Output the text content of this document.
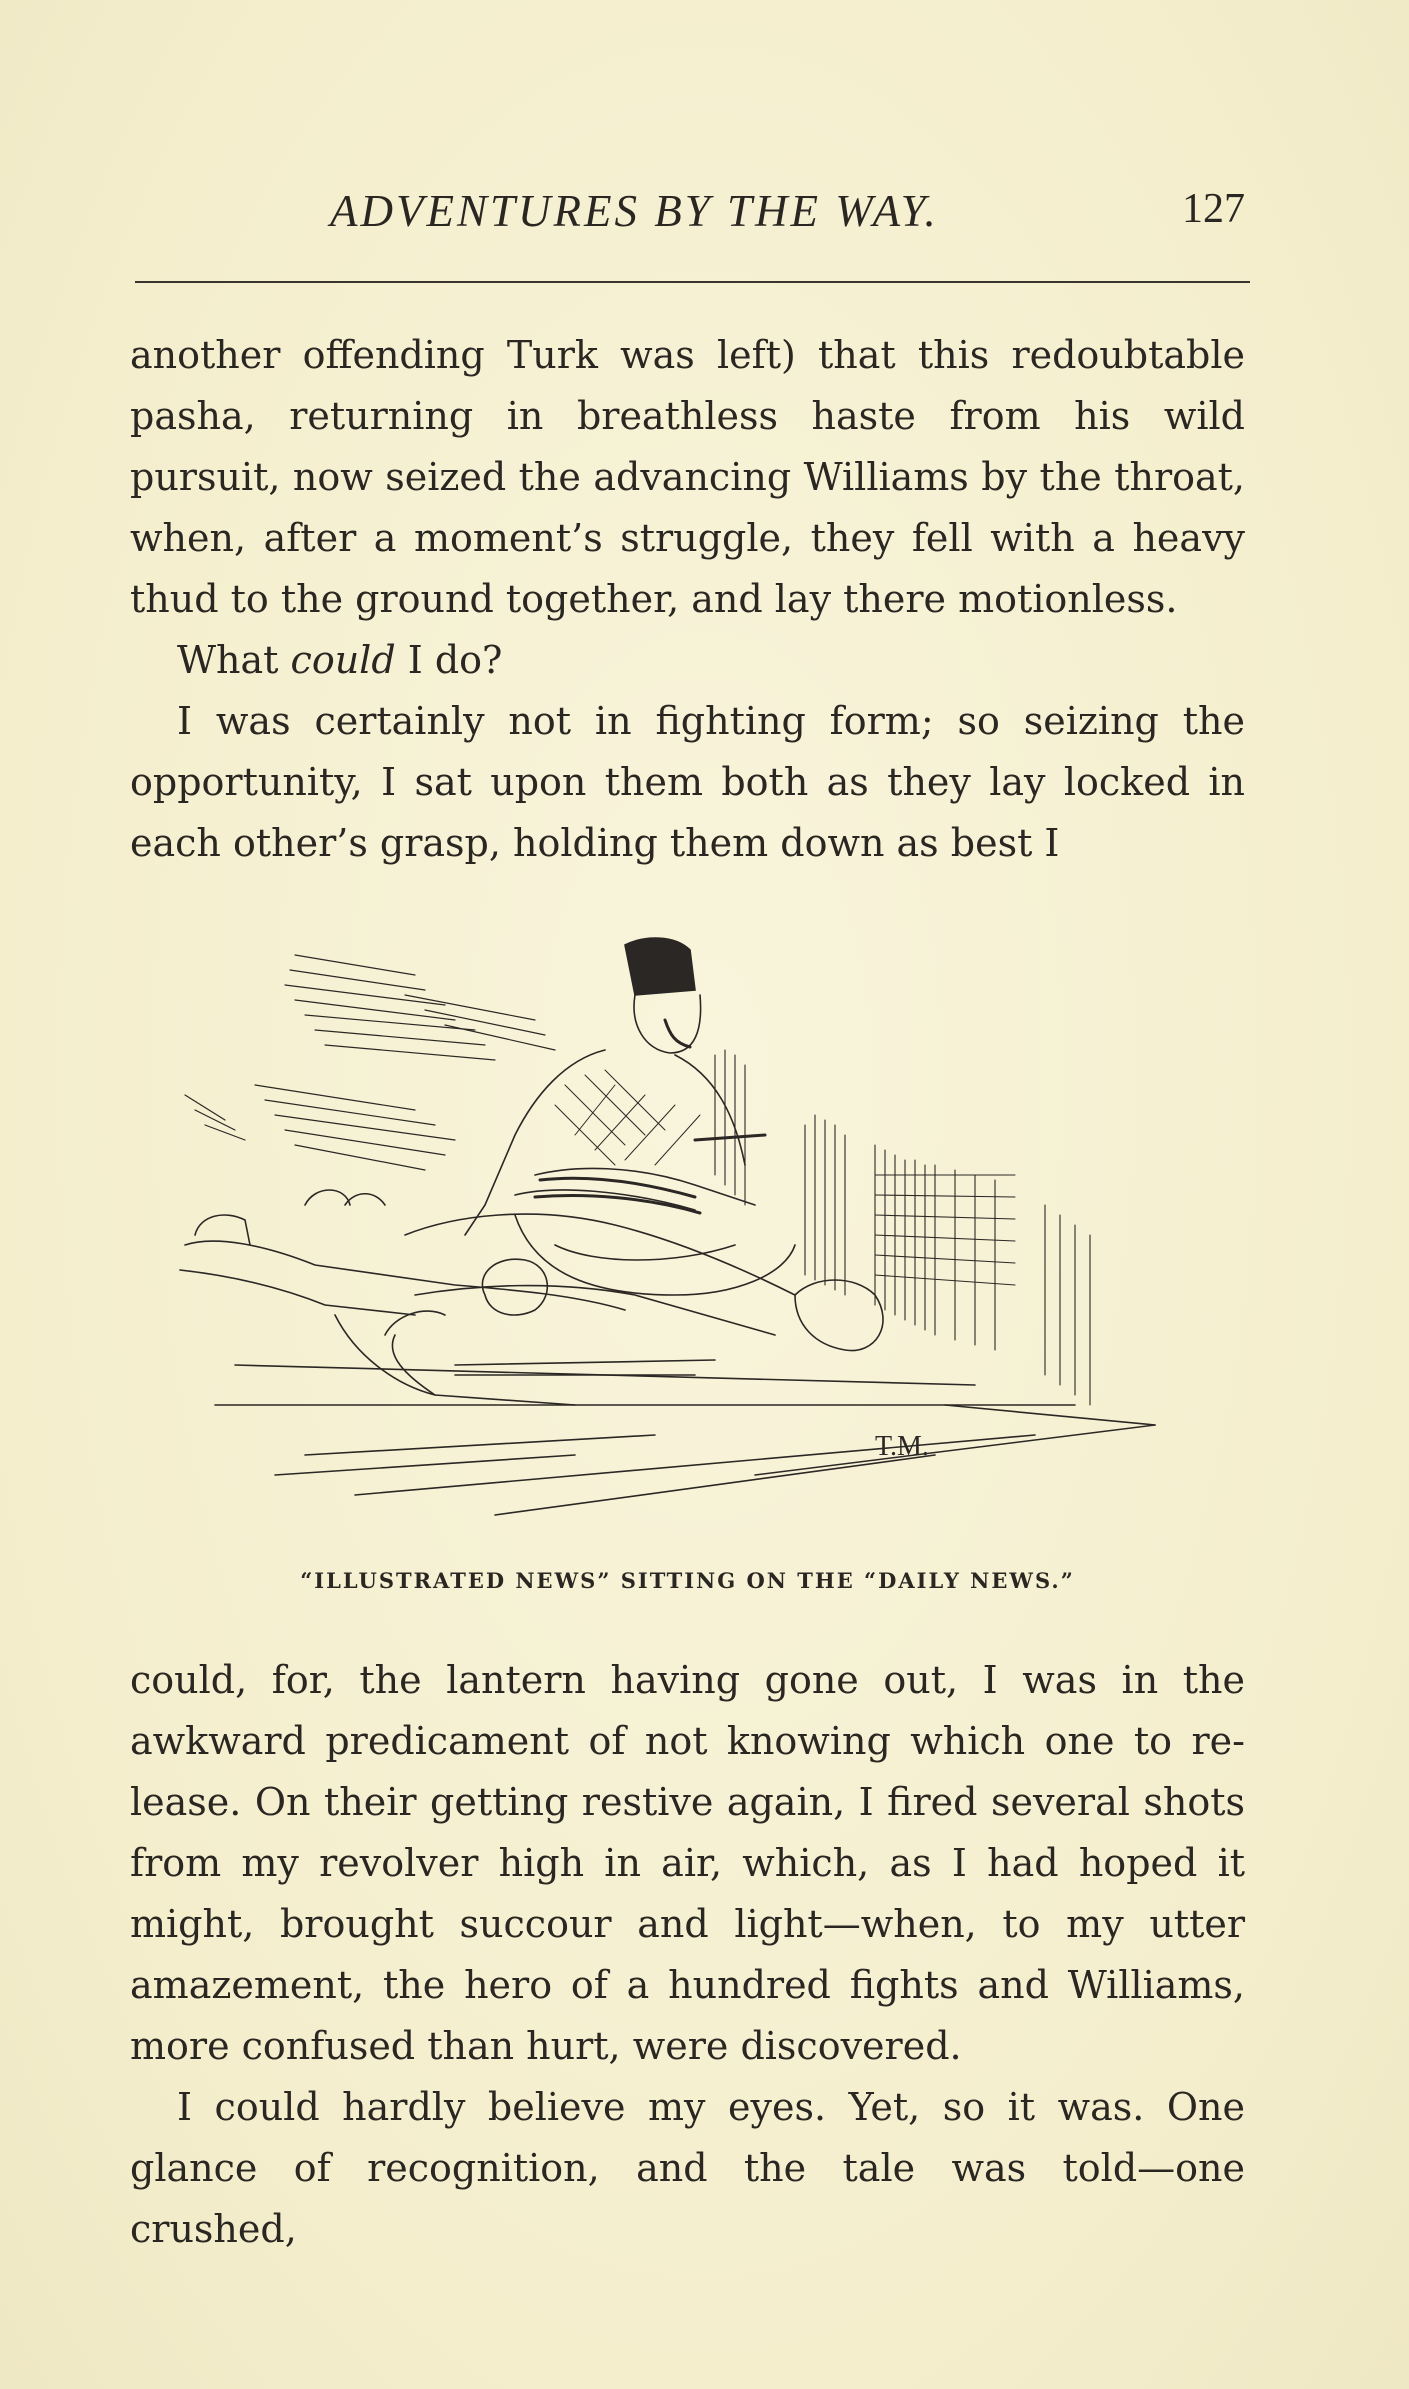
ADVENTURES BY THE WAY.	127

another offending Turk was left) that this redoubtable pasha, returning in breathless haste from his wild pursuit, now seized the advancing Williams by the throat, when, after a moment’s struggle, they fell with a heavy thud to the ground together, and lay there motionless.

What could I do?

I was certainly not in fighting form; so seizing the opportunity, I sat upon them both as they lay locked in each other’s grasp, holding them down as best I

T.M.
“ILLUSTRATED NEWS” SITTING ON THE “DAILY NEWS.”

could, for, the lantern having gone out, I was in the awkward predicament of not knowing which one to re-lease. On their getting restive again, I fired several shots from my revolver high in air, which, as I had hoped it might, brought succour and light—when, to my utter amazement, the hero of a hundred fights and Williams, more confused than hurt, were discovered.

I could hardly believe my eyes. Yet, so it was. One glance of recognition, and the tale was told—one crushed,
